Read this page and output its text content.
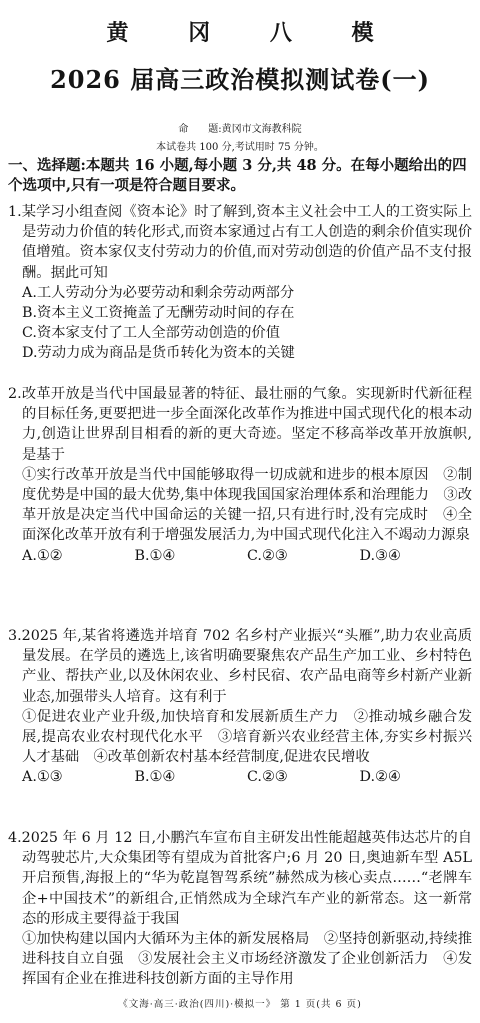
黄 冈 八 模
2026 届高三政治模拟测试卷(一)
命　　题:黄冈市文海教科院
本试卷共 100 分,考试用时 75 分钟。
一、选择题:本题共 16 小题,每小题 3 分,共 48 分。在每小题给出的四个选项中,只有一项是符合题目要求。

1.某学习小组查阅《资本论》时了解到,资本主义社会中工人的工资实际上是劳动力价值的转化形式,而资本家通过占有工人创造的剩余价值实现价值增殖。资本家仅支付劳动力的价值,而对劳动创造的价值产品不支付报酬。据此可知

A.工人劳动分为必要劳动和剩余劳动两部分

B.资本主义工资掩盖了无酬劳动时间的存在

C.资本家支付了工人全部劳动创造的价值

D.劳动力成为商品是货币转化为资本的关键

2.改革开放是当代中国最显著的特征、最壮丽的气象。实现新时代新征程的目标任务,更要把进一步全面深化改革作为推进中国式现代化的根本动力,创造让世界刮目相看的新的更大奇迹。坚定不移高举改革开放旗帜,是基于

①实行改革开放是当代中国能够取得一切成就和进步的根本原因　②制度优势是中国的最大优势,集中体现我国国家治理体系和治理能力　③改革开放是决定当代中国命运的关键一招,只有进行时,没有完成时　④全面深化改革开放有利于增强发展活力,为中国式现代化注入不竭动力源泉

A.①②	B.①④	C.②③	D.③④

3.2025 年,某省将遴选并培育 702 名乡村产业振兴“头雁”,助力农业高质量发展。在学员的遴选上,该省明确要聚焦农产品生产加工业、乡村特色产业、帮扶产业,以及休闲农业、乡村民宿、农产品电商等乡村新产业新业态,加强带头人培育。这有利于

①促进农业产业升级,加快培育和发展新质生产力　②推动城乡融合发展,提高农业农村现代化水平　③培育新兴农业经营主体,夯实乡村振兴人才基础　④改革创新农村基本经营制度,促进农民增收

A.①③	B.①④	C.②③	D.②④

4.2025 年 6 月 12 日,小鹏汽车宣布自主研发出性能超越英伟达芯片的自动驾驶芯片,大众集团等有望成为首批客户;6 月 20 日,奥迪新车型 A5L 开启预售,海报上的“华为乾崑智驾系统”赫然成为核心卖点……“老牌车企+中国技术”的新组合,正悄然成为全球汽车产业的新常态。这一新常态的形成主要得益于我国

①加快构建以国内大循环为主体的新发展格局　②坚持创新驱动,持续推进科技自立自强　③发展社会主义市场经济激发了企业创新活力　④发挥国有企业在推进科技创新方面的主导作用

《文海·高三·政治(四川)·模拟一》 第 1 页(共 6 页)
